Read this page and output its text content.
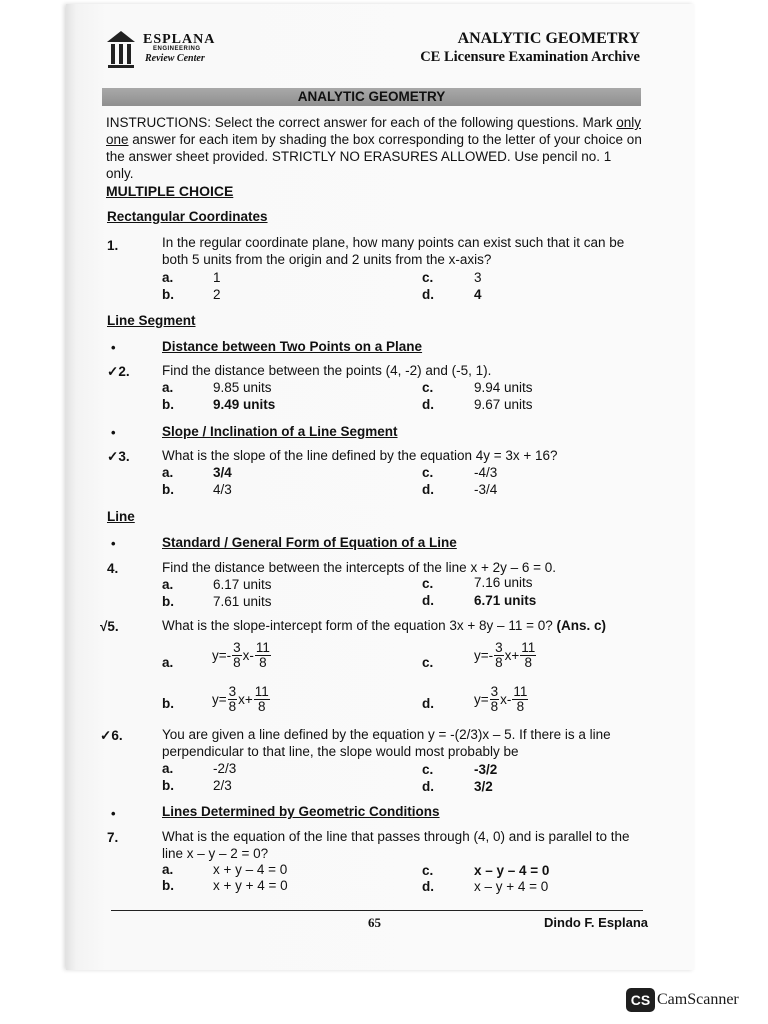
ESPLANA
ENGINEERING
Review Center
ANALYTIC GEOMETRY
CE Licensure Examination Archive
ANALYTIC GEOMETRY
INSTRUCTIONS: Select the correct answer for each of the following questions. Mark only one answer for each item by shading the box corresponding to the letter of your choice on the answer sheet provided. STRICTLY NO ERASURES ALLOWED. Use pencil no. 1 only.
MULTIPLE CHOICE
Rectangular Coordinates
1.	In the regular coordinate plane, how many points can exist such that it can be both 5 units from the origin and 2 units from the x-axis?
a.	1	c.	3
b.	2	d.	4
Line Segment
•	Distance between Two Points on a Plane
✓2. Find the distance between the points (4, -2) and (-5, 1).
a.	9.85 units	c.	9.94 units
b.	9.49 units	d.	9.67 units
•	Slope / Inclination of a Line Segment
✓3. What is the slope of the line defined by the equation 4y = 3x + 16?
a.	3/4	c.	-4/3
b.	4/3	d.	-3/4
Line
•	Standard / General Form of Equation of a Line
4.	Find the distance between the intercepts of the line x + 2y – 6 = 0.
a.	6.17 units	c.	7.16 units
b.	7.61 units	d.	6.71 units
√5.	What is the slope-intercept form of the equation 3x + 8y – 11 = 0? (Ans. c)
a.	$y=- \frac{3}{8} x- \frac{11}{8}$	c.	$y=- \frac{3}{8} x+ \frac{11}{8}$
b.	$y= \frac{3}{8} x+ \frac{11}{8}$	d.	$y= \frac{3}{8} x- \frac{11}{8}$
✓6.	You are given a line defined by the equation y = -(2/3)x – 5. If there is a line perpendicular to that line, the slope would most probably be
a.	-2/3	c.	-3/2
b.	2/3	d.	3/2
•	Lines Determined by Geometric Conditions
7.	What is the equation of the line that passes through (4, 0) and is parallel to the line x – y – 2 = 0?
a.	x + y – 4 = 0	c.	x – y – 4 = 0
b.	x + y + 4 = 0	d.	x – y + 4 = 0
65	Dindo F. Esplana
CS CamScanner
